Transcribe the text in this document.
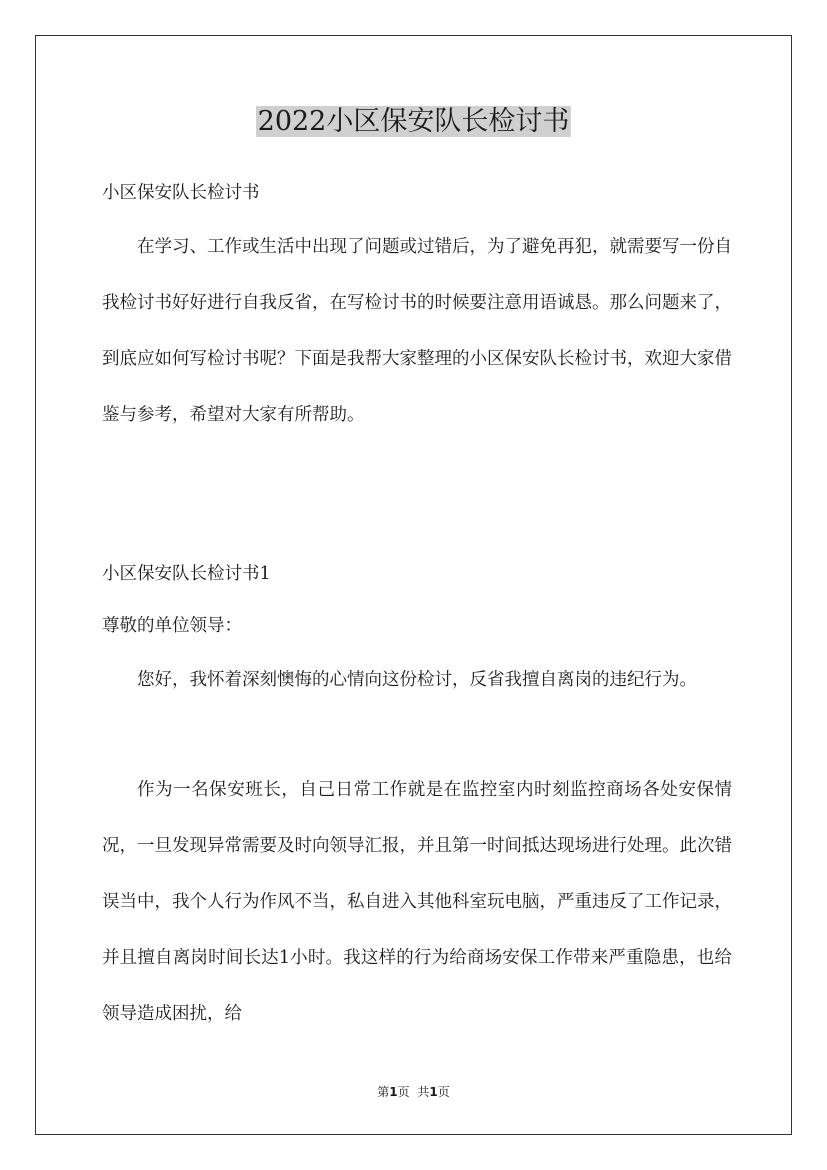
2022小区保安队长检讨书

小区保安队长检讨书

在学习、工作或生活中出现了问题或过错后，为了避免再犯，就需要写一份自我检讨书好好进行自我反省，在写检讨书的时候要注意用语诚恳。那么问题来了，到底应如何写检讨书呢？下面是我帮大家整理的小区保安队长检讨书，欢迎大家借鉴与参考，希望对大家有所帮助。

小区保安队长检讨书1

尊敬的单位领导：

您好，我怀着深刻懊悔的心情向这份检讨，反省我擅自离岗的违纪行为。

作为一名保安班长，自己日常工作就是在监控室内时刻监控商场各处安保情况，一旦发现异常需要及时向领导汇报，并且第一时间抵达现场进行处理。此次错误当中，我个人行为作风不当，私自进入其他科室玩电脑，严重违反了工作记录，并且擅自离岗时间长达1小时。我这样的行为给商场安保工作带来严重隐患，也给领导造成困扰，给

第1页 共1页
